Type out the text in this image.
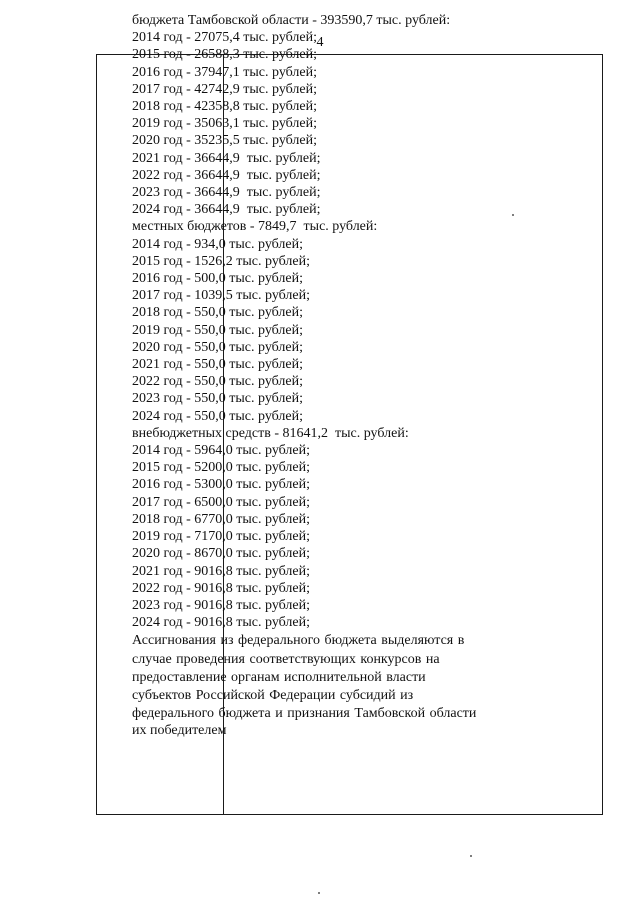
4
бюджета Тамбовской области - 393590,7 тыс. рублей:
2014 год - 27075,4 тыс. рублей;
2015 год - 26588,3 тыс. рублей;
2016 год - 37947,1 тыс. рублей;
2017 год - 42742,9 тыс. рублей;
2018 год - 42358,8 тыс. рублей;
2019 год - 35063,1 тыс. рублей;
2020 год - 35235,5 тыс. рублей;
2021 год - 36644,9  тыс. рублей;
2022 год - 36644,9  тыс. рублей;
2023 год - 36644,9  тыс. рублей;
2024 год - 36644,9  тыс. рублей;
местных бюджетов - 7849,7  тыс. рублей:
2014 год - 934,0 тыс. рублей;
2015 год - 1526,2 тыс. рублей;
2016 год - 500,0 тыс. рублей;
2017 год - 1039,5 тыс. рублей;
2018 год - 550,0 тыс. рублей;
2019 год - 550,0 тыс. рублей;
2020 год - 550,0 тыс. рублей;
2021 год - 550,0 тыс. рублей;
2022 год - 550,0 тыс. рублей;
2023 год - 550,0 тыс. рублей;
2024 год - 550,0 тыс. рублей;
внебюджетных средств - 81641,2  тыс. рублей:
2014 год - 5964,0 тыс. рублей;
2015 год - 5200,0 тыс. рублей;
2016 год - 5300,0 тыс. рублей;
2017 год - 6500,0 тыс. рублей;
2018 год - 6770,0 тыс. рублей;
2019 год - 7170,0 тыс. рублей;
2020 год - 8670,0 тыс. рублей;
2021 год - 9016,8 тыс. рублей;
2022 год - 9016,8 тыс. рублей;
2023 год - 9016,8 тыс. рублей;
2024 год - 9016,8 тыс. рублей;
Ассигнования из федерального бюджета выделяются в
случае проведения соответствующих конкурсов на
предоставление органам исполнительной власти
субъектов Российской Федерации субсидий из
федерального бюджета и признания Тамбовской области
их победителем
